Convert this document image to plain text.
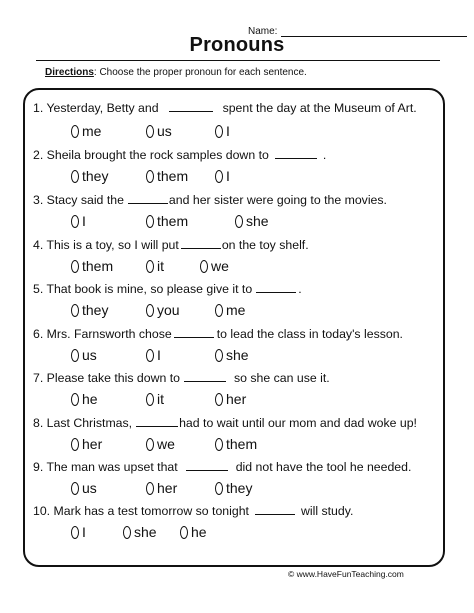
Name:
Pronouns
Directions: Choose the proper pronoun for each sentence.
1. Yesterday, Betty and	spent the day at the Museum of Art.
me	us	I
2. Sheila brought the rock samples down to	.
they	them	I
3. Stacy said the	and her sister were going to the movies.
I	them	she
4. This is a toy, so I will put	on the toy shelf.
them	it	we
5. That book is mine, so please give it to	.
they	you	me
6. Mrs. Farnsworth chose	to lead the class in today's lesson.
us	I	she
7. Please take this down to	so she can use it.
he	it	her
8. Last Christmas,	had to wait until our mom and dad woke up!
her	we	them
9. The man was upset that	did not have the tool he needed.
us	her	they
10. Mark has a test tomorrow so tonight	will study.
I	she he
© www.HaveFunTeaching.com
